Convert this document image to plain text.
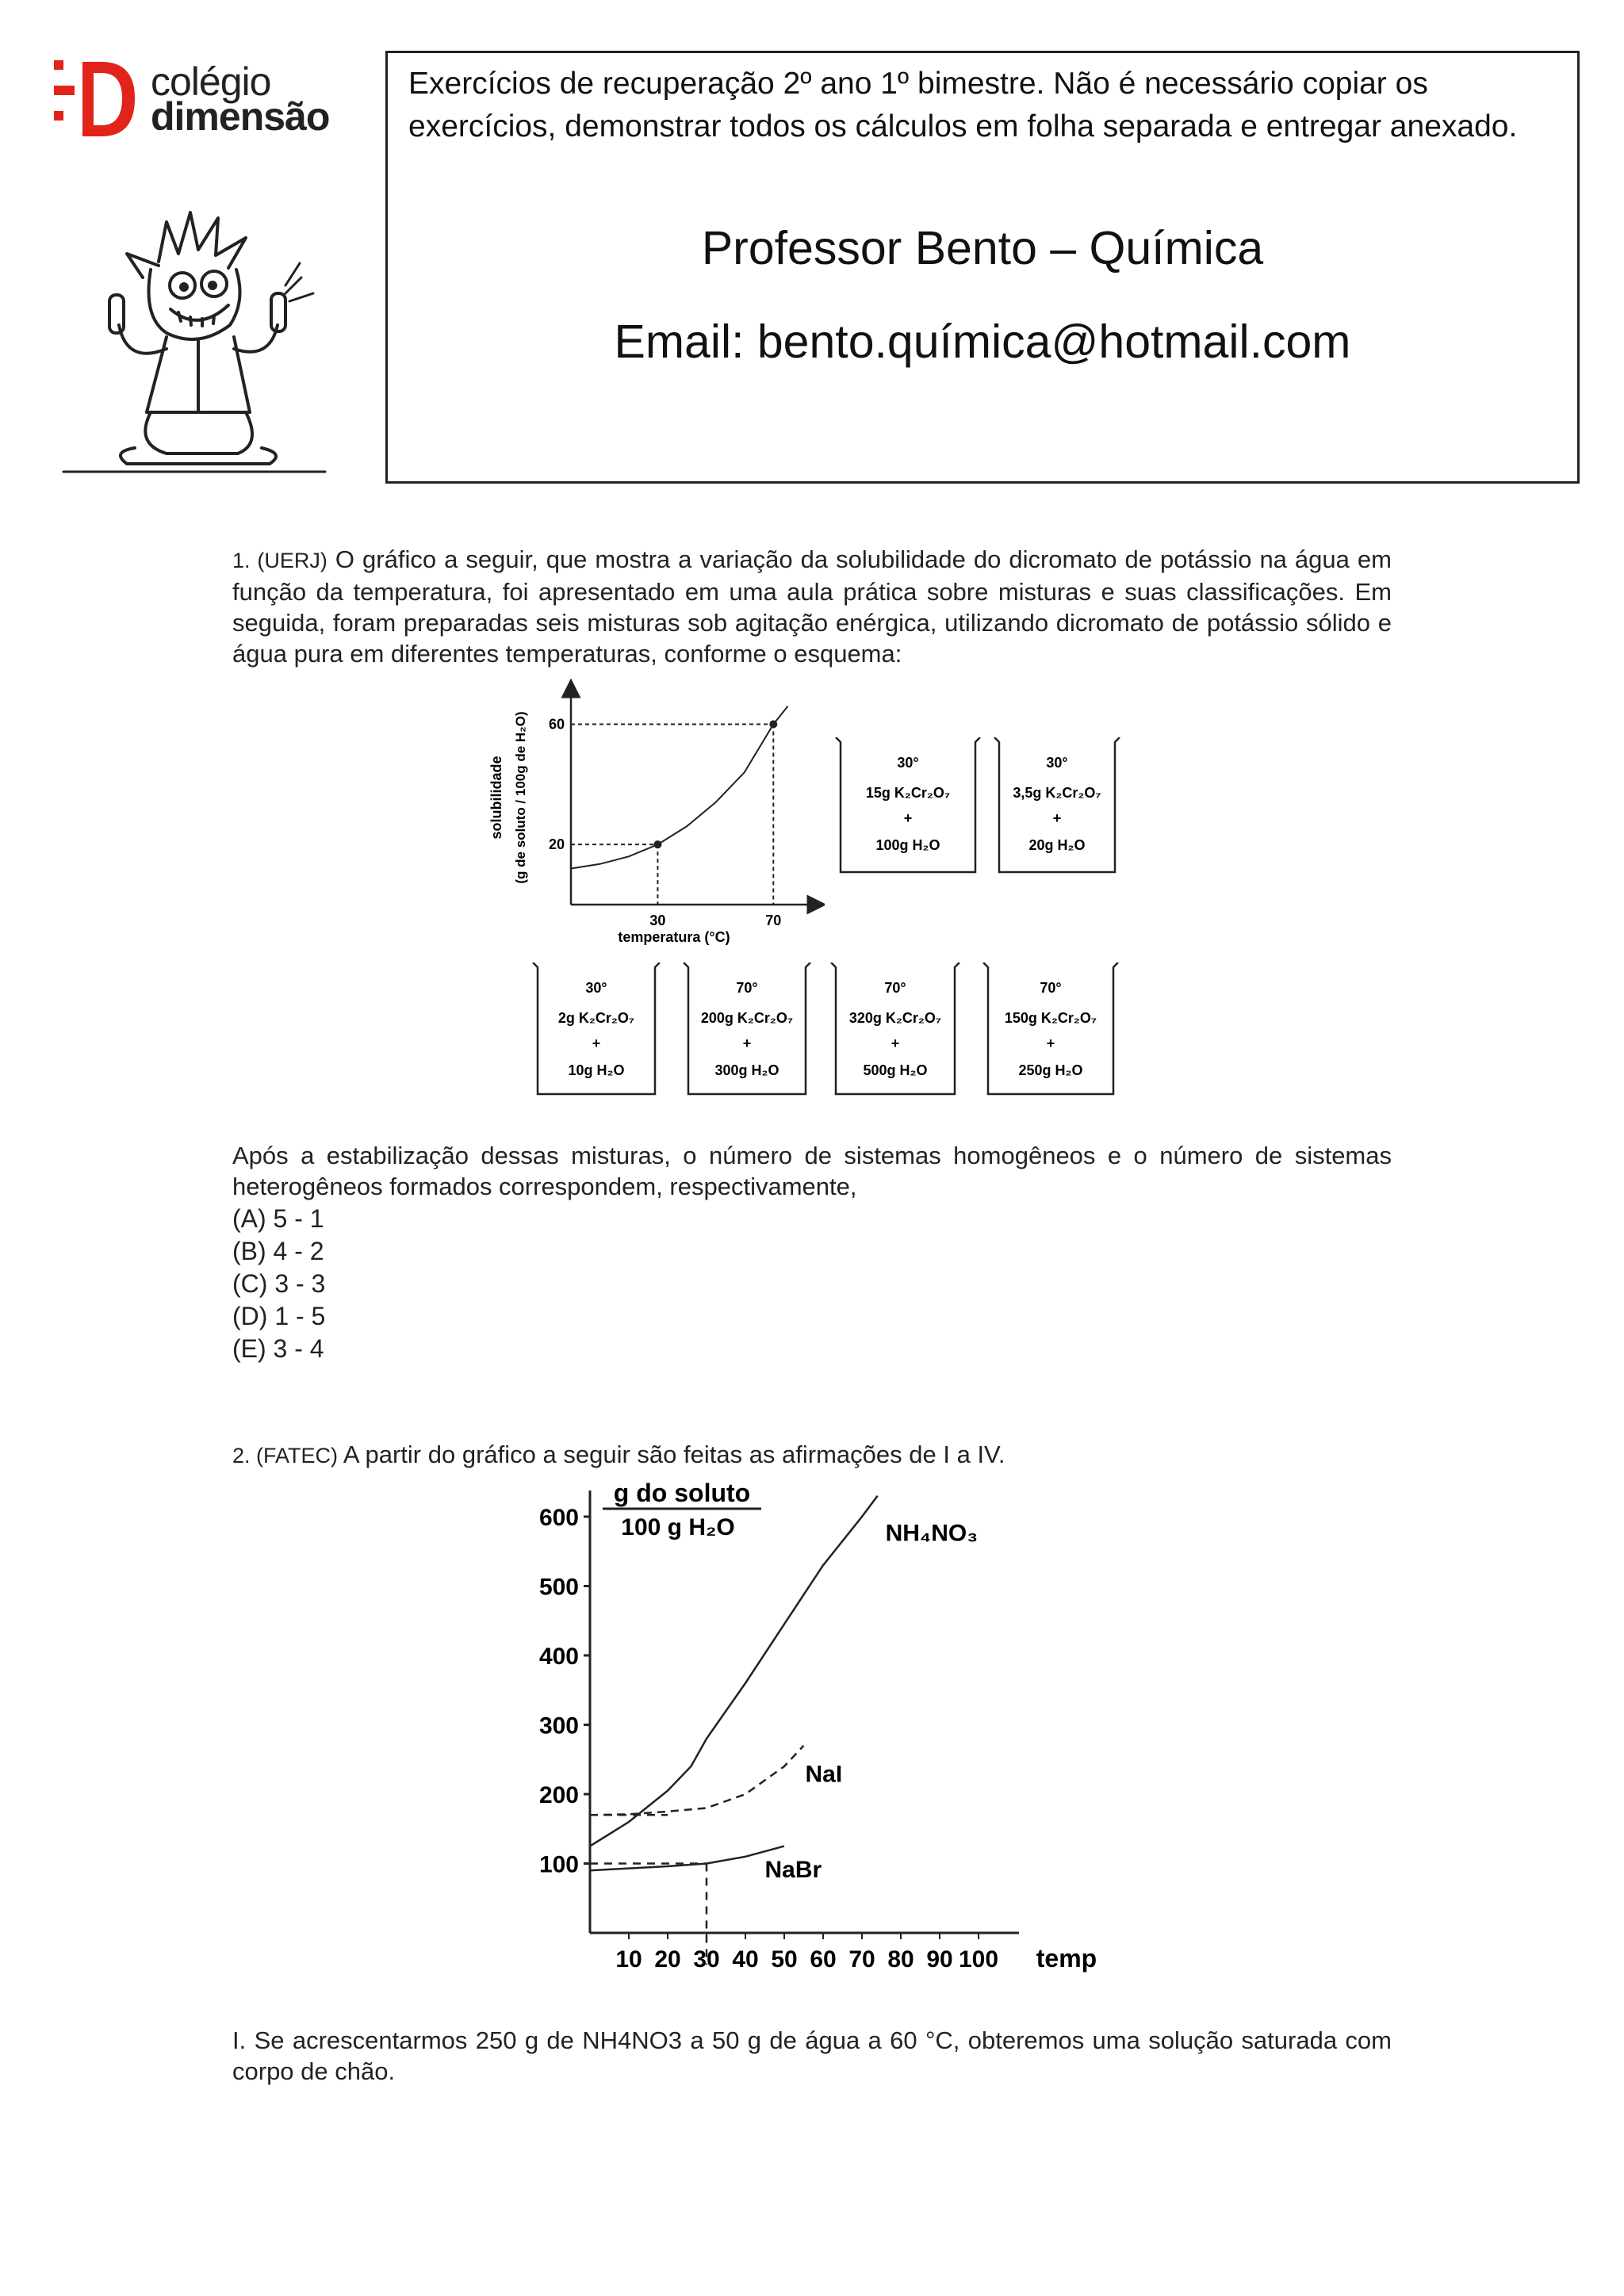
colégio
dimensão
Exercícios de recuperação 2º ano 1º bimestre. Não é necessário copiar os exercícios, demonstrar todos os cálculos em folha separada e entregar anexado.
Professor Bento – Química
Email: bento.química@hotmail.com
1. (UERJ) O gráfico a seguir, que mostra a variação da solubilidade do dicromato de potássio na água em função da temperatura, foi apresentado em uma aula prática sobre misturas e suas classificações. Em seguida, foram preparadas seis misturas sob agitação enérgica, utilizando dicromato de potássio sólido e água pura em diferentes temperaturas, conforme o esquema:
solubilidade (g de soluto / 100g de H₂O)
temperatura (°C)
20
60
30	70
30°
15g K₂Cr₂O₇
+
100g H₂O
30°
3,5g K₂Cr₂O₇
+
20g H₂O
30°
2g K₂Cr₂O₇
+
10g H₂O
70°
200g K₂Cr₂O₇
+
300g H₂O
70°
320g K₂Cr₂O₇
+
500g H₂O
70°
150g K₂Cr₂O₇
+
250g H₂O
Após a estabilização dessas misturas, o número de sistemas homogêneos e o número de sistemas heterogêneos formados correspondem, respectivamente,
(A) 5 - 1
(B) 4 - 2
(C) 3 - 3
(D) 1 - 5
(E) 3 - 4
2. (FATEC) A partir do gráfico a seguir são feitas as afirmações de I a IV.
g do soluto
100 g H₂O
temp
600
500
400
300
200
100
10 20 30 40 50 60 70 80 90 100
NH₄NO₃
NaI
NaBr
I. Se acrescentarmos 250 g de NH4NO3 a 50 g de água a 60 °C, obteremos uma solução saturada com corpo de chão.
